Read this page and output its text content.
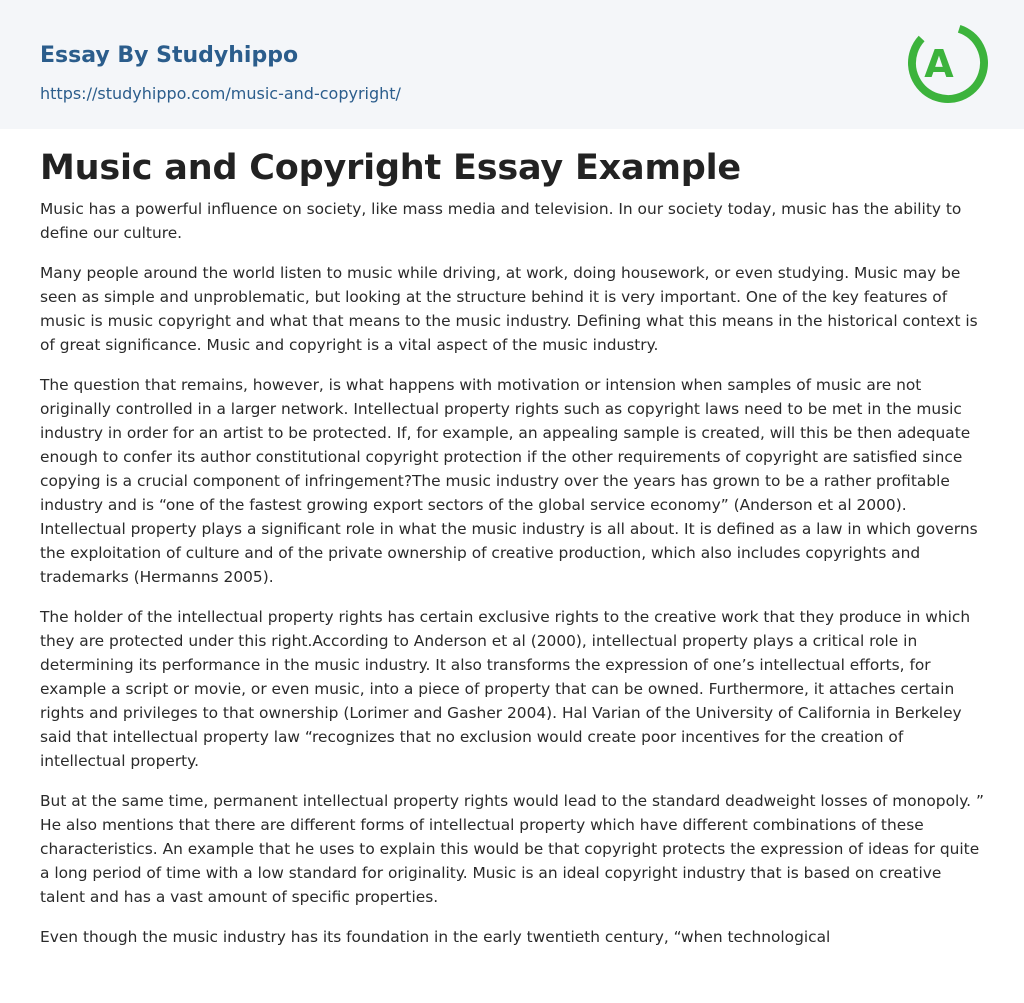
Essay By Studyhippo
https://studyhippo.com/music-and-copyright/
A
Music and Copyright Essay Example

Music has a powerful influence on society, like mass media and television. In our society today, music has the ability to define our culture.

Many people around the world listen to music while driving, at work, doing housework, or even studying. Music may be seen as simple and unproblematic, but looking at the structure behind it is very important. One of the key features of music is music copyright and what that means to the music industry. Defining what this means in the historical context is of great significance. Music and copyright is a vital aspect of the music industry.

The question that remains, however, is what happens with motivation or intension when samples of music are not originally controlled in a larger network. Intellectual property rights such as copyright laws need to be met in the music industry in order for an artist to be protected. If, for example, an appealing sample is created, will this be then adequate enough to confer its author constitutional copyright protection if the other requirements of copyright are satisfied since copying is a crucial component of infringement?The music industry over the years has grown to be a rather profitable industry and is “one of the fastest growing export sectors of the global service economy” (Anderson et al 2000). Intellectual property plays a significant role in what the music industry is all about. It is defined as a law in which governs the exploitation of culture and of the private ownership of creative production, which also includes copyrights and trademarks (Hermanns 2005).

The holder of the intellectual property rights has certain exclusive rights to the creative work that they produce in which they are protected under this right.According to Anderson et al (2000), intellectual property plays a critical role in determining its performance in the music industry. It also transforms the expression of one’s intellectual efforts, for example a script or movie, or even music, into a piece of property that can be owned. Furthermore, it attaches certain rights and privileges to that ownership (Lorimer and Gasher 2004). Hal Varian of the University of California in Berkeley said that intellectual property law “recognizes that no exclusion would create poor incentives for the creation of intellectual property.

But at the same time, permanent intellectual property rights would lead to the standard deadweight losses of monopoly. ” He also mentions that there are different forms of intellectual property which have different combinations of these characteristics. An example that he uses to explain this would be that copyright protects the expression of ideas for quite a long period of time with a low standard for originality. Music is an ideal copyright industry that is based on creative talent and has a vast amount of specific properties.

Even though the music industry has its foundation in the early twentieth century, “when technological
